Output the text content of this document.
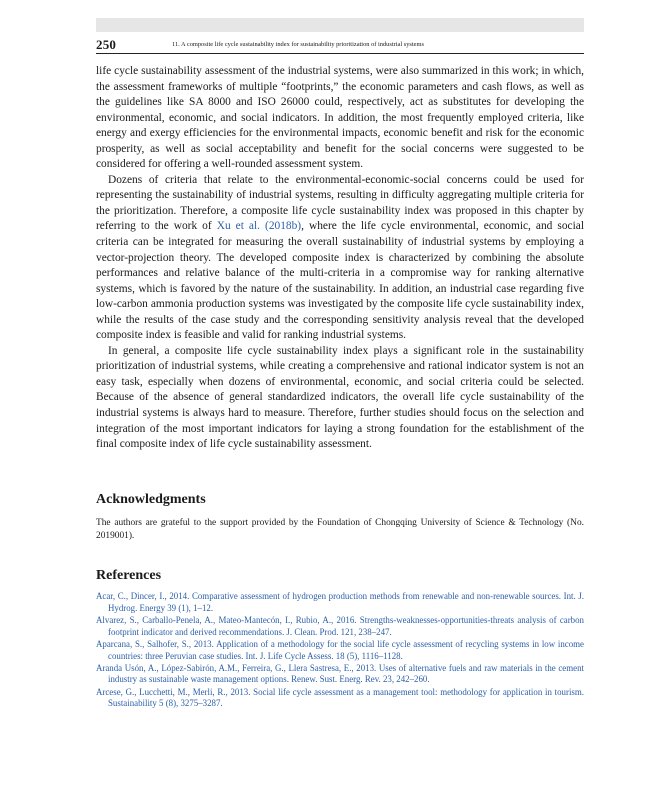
250	11. A composite life cycle sustainability index for sustainability prioritization of industrial systems

life cycle sustainability assessment of the industrial systems, were also summarized in this work; in which, the assessment frameworks of multiple “footprints,” the economic parameters and cash flows, as well as the guidelines like SA 8000 and ISO 26000 could, respectively, act as substitutes for developing the environmental, economic, and social indicators. In addition, the most frequently employed criteria, like energy and exergy efficiencies for the environmental impacts, economic benefit and risk for the economic prosperity, as well as social acceptability and benefit for the social concerns were suggested to be considered for offering a well-rounded assessment system.

Dozens of criteria that relate to the environmental-economic-social concerns could be used for representing the sustainability of industrial systems, resulting in difficulty aggregating multiple criteria for the prioritization. Therefore, a composite life cycle sustainability index was proposed in this chapter by referring to the work of Xu et al. (2018b), where the life cycle environmental, economic, and social criteria can be integrated for measuring the overall sustainability of industrial systems by employing a vector-projection theory. The developed composite index is characterized by combining the absolute performances and relative balance of the multi-criteria in a compromise way for ranking alternative systems, which is favored by the nature of the sustainability. In addition, an industrial case regarding five low-carbon ammonia production systems was investigated by the composite life cycle sustainability index, while the results of the case study and the corresponding sensitivity analysis reveal that the developed composite index is feasible and valid for ranking industrial systems.

In general, a composite life cycle sustainability index plays a significant role in the sustainability prioritization of industrial systems, while creating a comprehensive and rational indicator system is not an easy task, especially when dozens of environmental, economic, and social criteria could be selected. Because of the absence of general standardized indicators, the overall life cycle sustainability of the industrial systems is always hard to measure. Therefore, further studies should focus on the selection and integration of the most important indicators for laying a strong foundation for the establishment of the final composite index of life cycle sustainability assessment.

Acknowledgments

The authors are grateful to the support provided by the Foundation of Chongqing University of Science & Technology (No. 2019001).

References
Acar, C., Dincer, I., 2014. Comparative assessment of hydrogen production methods from renewable and non-renewable sources. Int. J. Hydrog. Energy 39 (1), 1–12.
Alvarez, S., Carballo-Penela, A., Mateo-Mantecón, I., Rubio, A., 2016. Strengths-weaknesses-opportunities-threats analysis of carbon footprint indicator and derived recommendations. J. Clean. Prod. 121, 238–247.
Aparcana, S., Salhofer, S., 2013. Application of a methodology for the social life cycle assessment of recycling systems in low income countries: three Peruvian case studies. Int. J. Life Cycle Assess. 18 (5), 1116–1128.
Aranda Usón, A., López-Sabirón, A.M., Ferreira, G., Llera Sastresa, E., 2013. Uses of alternative fuels and raw materials in the cement industry as sustainable waste management options. Renew. Sust. Energ. Rev. 23, 242–260.
Arcese, G., Lucchetti, M., Merli, R., 2013. Social life cycle assessment as a management tool: methodology for application in tourism. Sustainability 5 (8), 3275–3287.
